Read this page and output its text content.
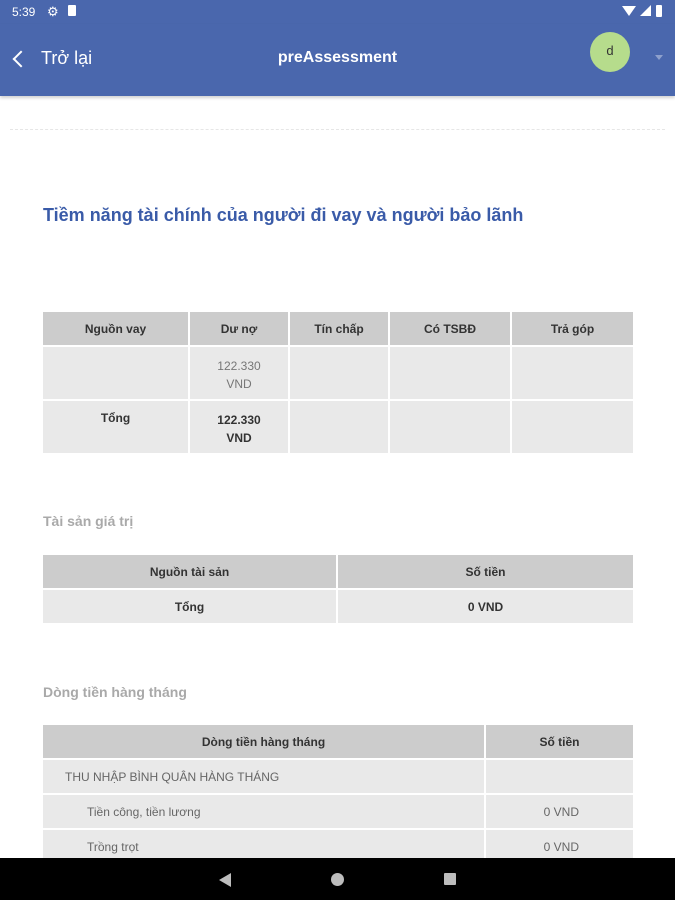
5:39 ⚙
Trở lại	preAssessment	d
Tiềm năng tài chính của người đi vay và người bảo lãnh
Nguồn vay	Dư nợ	Tín chấp	Có TSBĐ	Trả góp
	122.330
VND			
Tổng	122.330
VND			
Tài sản giá trị
Nguồn tài sản	Số tiền
Tổng	0 VND
Dòng tiền hàng tháng
Dòng tiền hàng tháng	Số tiền
THU NHẬP BÌNH QUÂN HÀNG THÁNG	
Tiền công, tiền lương	0 VND
Trồng trọt	0 VND
